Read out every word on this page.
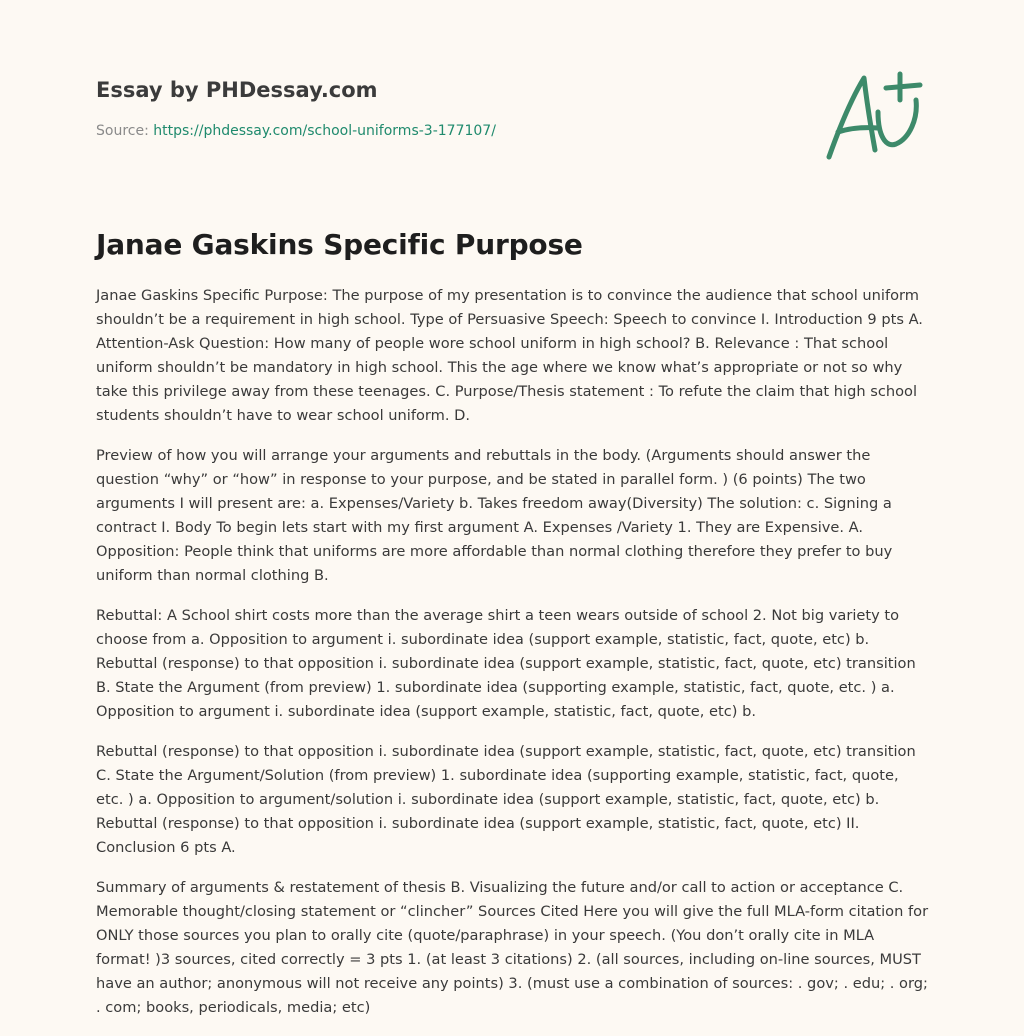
Essay by PHDessay.com
Source: https://phdessay.com/school-uniforms-3-177107/
Janae Gaskins Specific Purpose

Janae Gaskins Specific Purpose: The purpose of my presentation is to convince the audience that school uniform shouldn’t be a requirement in high school. Type of Persuasive Speech: Speech to convince I. Introduction 9 pts A. Attention-Ask Question: How many of people wore school uniform in high school? B. Relevance : That school uniform shouldn’t be mandatory in high school. This the age where we know what’s appropriate or not so why take this privilege away from these teenages. C. Purpose/Thesis statement : To refute the claim that high school students shouldn’t have to wear school uniform. D.

Preview of how you will arrange your arguments and rebuttals in the body. (Arguments should answer the question “why” or “how” in response to your purpose, and be stated in parallel form. ) (6 points) The two arguments I will present are: a. Expenses/Variety b. Takes freedom away(Diversity) The solution: c. Signing a contract I. Body To begin lets start with my first argument A. Expenses /Variety 1. They are Expensive. A. Opposition: People think that uniforms are more affordable than normal clothing therefore they prefer to buy uniform than normal clothing B.

Rebuttal: A School shirt costs more than the average shirt a teen wears outside of school 2. Not big variety to choose from a. Opposition to argument i. subordinate idea (support example, statistic, fact, quote, etc) b. Rebuttal (response) to that opposition i. subordinate idea (support example, statistic, fact, quote, etc) transition B. State the Argument (from preview) 1. subordinate idea (supporting example, statistic, fact, quote, etc. ) a. Opposition to argument i. subordinate idea (support example, statistic, fact, quote, etc) b.

Rebuttal (response) to that opposition i. subordinate idea (support example, statistic, fact, quote, etc) transition C. State the Argument/Solution (from preview) 1. subordinate idea (supporting example, statistic, fact, quote, etc. ) a. Opposition to argument/solution i. subordinate idea (support example, statistic, fact, quote, etc) b. Rebuttal (response) to that opposition i. subordinate idea (support example, statistic, fact, quote, etc) II. Conclusion 6 pts A.

Summary of arguments & restatement of thesis B. Visualizing the future and/or call to action or acceptance C. Memorable thought/closing statement or “clincher” Sources Cited Here you will give the full MLA-form citation for ONLY those sources you plan to orally cite (quote/paraphrase) in your speech. (You don’t orally cite in MLA format! )3 sources, cited correctly = 3 pts 1. (at least 3 citations) 2. (all sources, including on-line sources, MUST have an author; anonymous will not receive any points) 3. (must use a combination of sources: . gov; . edu; . org; . com; books, periodicals, media; etc)
